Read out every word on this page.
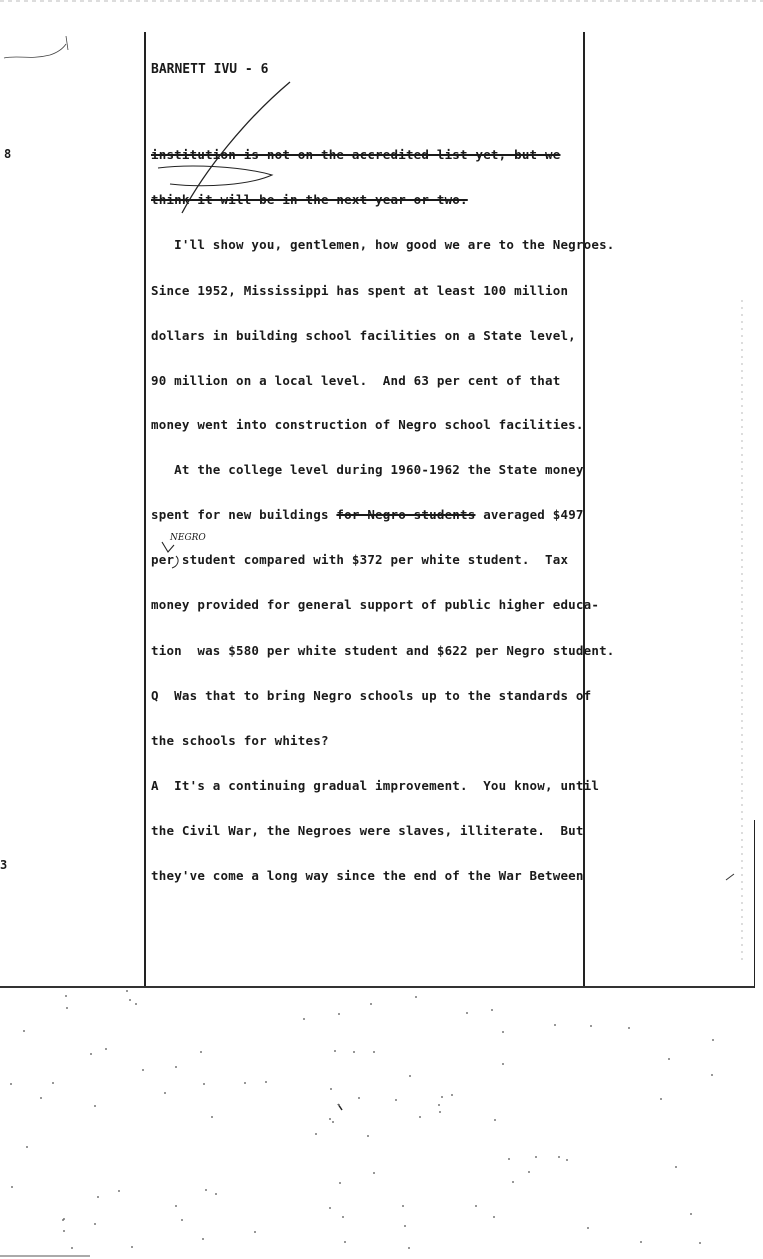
8
3
BARNETT IVU - 6
institution is not on the accredited list yet, but we
think it will be in the next year or two.
I'll show you, gentlemen, how good we are to the Negroes.
Since 1952, Mississippi has spent at least 100 million
dollars in building school facilities on a State level,
90 million on a local level.  And 63 per cent of that
money went into construction of Negro school facilities.
At the college level during 1960-1962 the State money
spent for new buildings for Negro students averaged $497
per student compared with $372 per white student.  Tax
money provided for general support of public higher educa-
tion  was $580 per white student and $622 per Negro student.
Q  Was that to bring Negro schools up to the standards of
the schools for whites?
A  It's a continuing gradual improvement.  You know, until
the Civil War, the Negroes were slaves, illiterate.  But
they've come a long way since the end of the War Between
NEGRO
